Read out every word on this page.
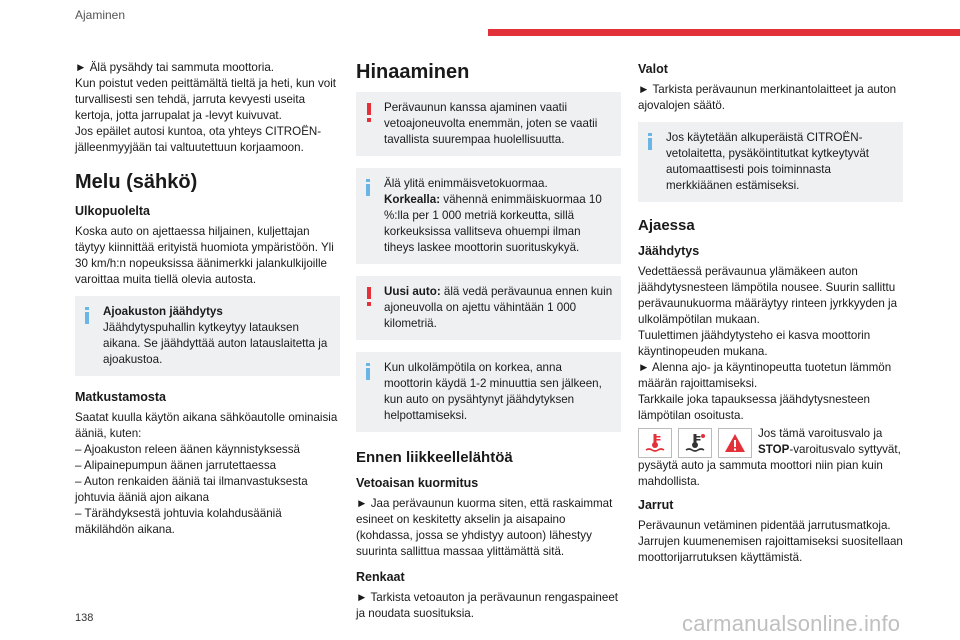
Ajaminen

► Älä pysähdy tai sammuta moottoria.

Kun poistut veden peittämältä tieltä ja heti, kun voit turvallisesti sen tehdä, jarruta kevyesti useita kertoja, jotta jarrupalat ja -levyt kuivuvat.

Jos epäilet autosi kuntoa, ota yhteys CITROËN-jälleenmyyjään tai valtuutettuun korjaamoon.

Melu (sähkö)
Ulkopuolelta

Koska auto on ajettaessa hiljainen, kuljettajan täytyy kiinnittää erityistä huomiota ympäristöön. Yli 30 km/h:n nopeuksissa äänimerkki jalankulkijoille varoittaa muita tiellä olevia autosta.

Ajoakuston jäähdytys
Jäähdytyspuhallin kytkeytyy latauksen aikana. Se jäähdyttää auton latauslaitetta ja ajoakustoa.
Matkustamosta

Saatat kuulla käytön aikana sähköautolle ominaisia ääniä, kuten:

– Ajoakuston releen äänen käynnistyksessä

– Alipainepumpun äänen jarrutettaessa

– Auton renkaiden ääniä tai ilmanvastuksesta johtuvia ääniä ajon aikana

– Tärähdyksestä johtuvia kolahdusääniä mäkilähdön aikana.

Hinaaminen
Perävaunun kanssa ajaminen vaatii vetoajoneuvolta enemmän, joten se vaatii tavallista suurempaa huolellisuutta.
Älä ylitä enimmäisvetokuormaa.
Korkealla: vähennä enimmäiskuormaa 10 %:lla per 1 000 metriä korkeutta, sillä korkeuksissa vallitseva ohuempi ilman tiheys laskee moottorin suorituskykyä.
Uusi auto: älä vedä perävaunua ennen kuin ajoneuvolla on ajettu vähintään 1 000 kilometriä.
Kun ulkolämpötila on korkea, anna moottorin käydä 1-2 minuuttia sen jälkeen, kun auto on pysähtynyt jäähdytyksen helpottamiseksi.
Ennen liikkeellelähtöä
Vetoaisan kuormitus

► Jaa perävaunun kuorma siten, että raskaimmat esineet on keskitetty akselin ja aisapaino (kohdassa, jossa se yhdistyy autoon) lähestyy suurinta sallittua massaa ylittämättä sitä.

Renkaat

► Tarkista vetoauton ja perävaunun rengaspaineet ja noudata suosituksia.

Valot

► Tarkista perävaunun merkinantolaitteet ja auton ajovalojen säätö.

Jos käytetään alkuperäistä CITROËN-vetolaitetta, pysäköintitutkat kytkeytyvät automaattisesti pois toiminnasta merkkiäänen estämiseksi.
Ajaessa
Jäähdytys

Vedettäessä perävaunua ylämäkeen auton jäähdytysnesteen lämpötila nousee. Suurin sallittu perävaunukuorma määräytyy rinteen jyrkkyyden ja ulkolämpötilan mukaan.

Tuulettimen jäähdytysteho ei kasva moottorin käyntinopeuden mukana.

► Alenna ajo- ja käyntinopeutta tuotetun lämmön määrän rajoittamiseksi.

Tarkkaile joka tapauksessa jäähdytysnesteen lämpötilan osoitusta.

Jos tämä varoitusvalo ja STOP-varoitusvalo syttyvät, pysäytä auto ja sammuta moottori niin pian kuin mahdollista.

Jarrut

Perävaunun vetäminen pidentää jarrutusmatkoja. Jarrujen kuumenemisen rajoittamiseksi suositellaan moottorijarrutuksen käyttämistä.

138	carmanualsonline.info
